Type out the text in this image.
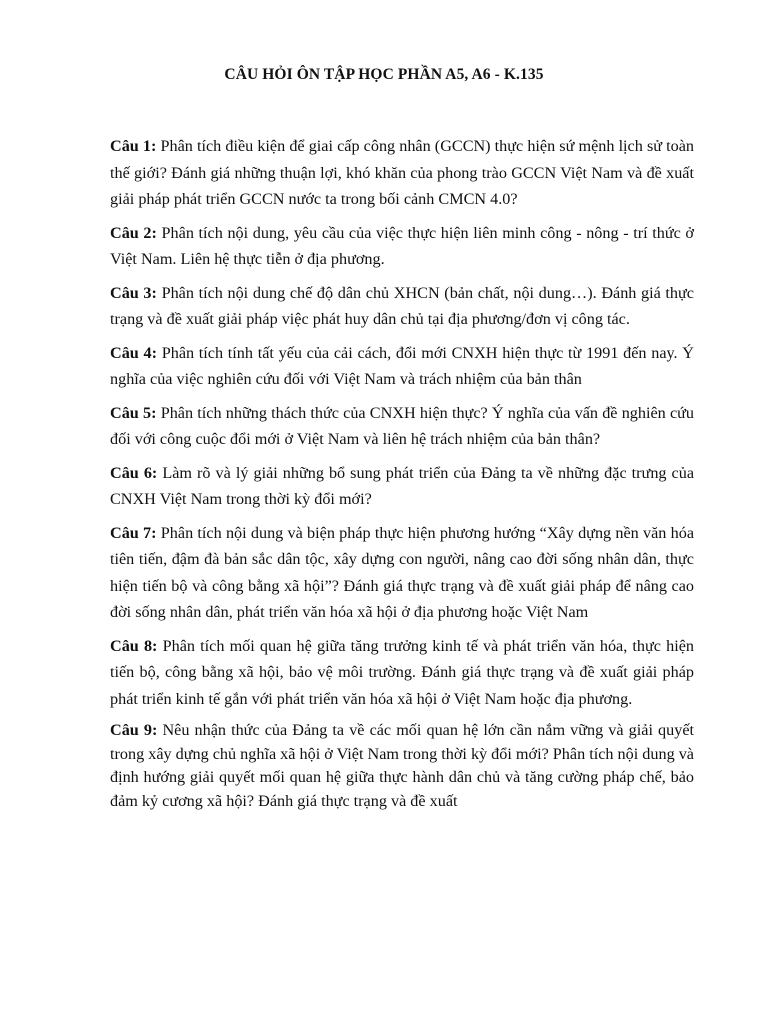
CÂU HỎI ÔN TẬP HỌC PHẦN A5, A6 - K.135

Câu 1: Phân tích điều kiện để giai cấp công nhân (GCCN) thực hiện sứ mệnh lịch sử toàn thế giới? Đánh giá những thuận lợi, khó khăn của phong trào GCCN Việt Nam và đề xuất giải pháp phát triển GCCN nước ta trong bối cảnh CMCN 4.0?

Câu 2: Phân tích nội dung, yêu cầu của việc thực hiện liên minh công - nông - trí thức ở Việt Nam. Liên hệ thực tiễn ở địa phương.

Câu 3: Phân tích nội dung chế độ dân chủ XHCN (bản chất, nội dung…). Đánh giá thực trạng và đề xuất giải pháp việc phát huy dân chủ tại địa phương/đơn vị công tác.

Câu 4: Phân tích tính tất yếu của cải cách, đổi mới CNXH hiện thực từ 1991 đến nay. Ý nghĩa của việc nghiên cứu đối với Việt Nam và trách nhiệm của bản thân

Câu 5: Phân tích những thách thức của CNXH hiện thực? Ý nghĩa của vấn đề nghiên cứu đối với công cuộc đổi mới ở Việt Nam và liên hệ trách nhiệm của bản thân?

Câu 6: Làm rõ và lý giải những bổ sung phát triển của Đảng ta về những đặc trưng của CNXH Việt Nam trong thời kỳ đổi mới?

Câu 7: Phân tích nội dung và biện pháp thực hiện phương hướng “Xây dựng nền văn hóa tiên tiến, đậm đà bản sắc dân tộc, xây dựng con người, nâng cao đời sống nhân dân, thực hiện tiến bộ và công bằng xã hội”? Đánh giá thực trạng và đề xuất giải pháp để nâng cao đời sống nhân dân, phát triển văn hóa xã hội ở địa phương hoặc Việt Nam

Câu 8: Phân tích mối quan hệ giữa tăng trưởng kinh tế và phát triển văn hóa, thực hiện tiến bộ, công bằng xã hội, bảo vệ môi trường. Đánh giá thực trạng và đề xuất giải pháp phát triển kinh tế gắn với phát triển văn hóa xã hội ở Việt Nam hoặc địa phương.

Câu 9: Nêu nhận thức của Đảng ta về các mối quan hệ lớn cần nắm vững và giải quyết trong xây dựng chủ nghĩa xã hội ở Việt Nam trong thời kỳ đổi mới? Phân tích nội dung và định hướng giải quyết mối quan hệ giữa thực hành dân chủ và tăng cường pháp chế, bảo đảm kỷ cương xã hội? Đánh giá thực trạng và đề xuất
